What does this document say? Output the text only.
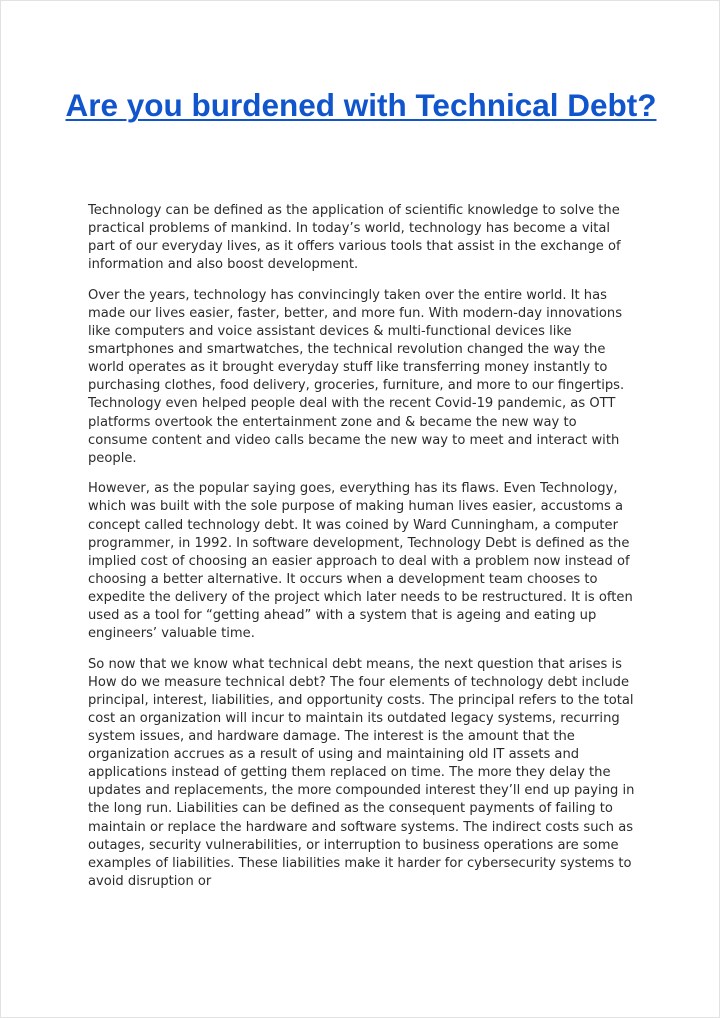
Are you burdened with Technical Debt?

Technology can be defined as the application of scientific knowledge to solve the practical problems of mankind. In today’s world, technology has become a vital part of our everyday lives, as it offers various tools that assist in the exchange of information and also boost development.

Over the years, technology has convincingly taken over the entire world. It has made our lives easier, faster, better, and more fun. With modern-day innovations like computers and voice assistant devices & multi-functional devices like smartphones and smartwatches, the technical revolution changed the way the world operates as it brought everyday stuff like transferring money instantly to purchasing clothes, food delivery, groceries, furniture, and more to our fingertips. Technology even helped people deal with the recent Covid-19 pandemic, as OTT platforms overtook the entertainment zone and & became the new way to consume content and video calls became the new way to meet and interact with people.

However, as the popular saying goes, everything has its flaws. Even Technology, which was built with the sole purpose of making human lives easier, accustoms a concept called technology debt. It was coined by Ward Cunningham, a computer programmer, in 1992. In software development, Technology Debt is defined as the implied cost of choosing an easier approach to deal with a problem now instead of choosing a better alternative. It occurs when a development team chooses to expedite the delivery of the project which later needs to be restructured. It is often used as a tool for “getting ahead” with a system that is ageing and eating up engineers’ valuable time.

So now that we know what technical debt means, the next question that arises is How do we measure technical debt? The four elements of technology debt include principal, interest, liabilities, and opportunity costs. The principal refers to the total cost an organization will incur to maintain its outdated legacy systems, recurring system issues, and hardware damage. The interest is the amount that the organization accrues as a result of using and maintaining old IT assets and applications instead of getting them replaced on time. The more they delay the updates and replacements, the more compounded interest they’ll end up paying in the long run. Liabilities can be defined as the consequent payments of failing to maintain or replace the hardware and software systems. The indirect costs such as outages, security vulnerabilities, or interruption to business operations are some examples of liabilities. These liabilities make it harder for cybersecurity systems to avoid disruption or
